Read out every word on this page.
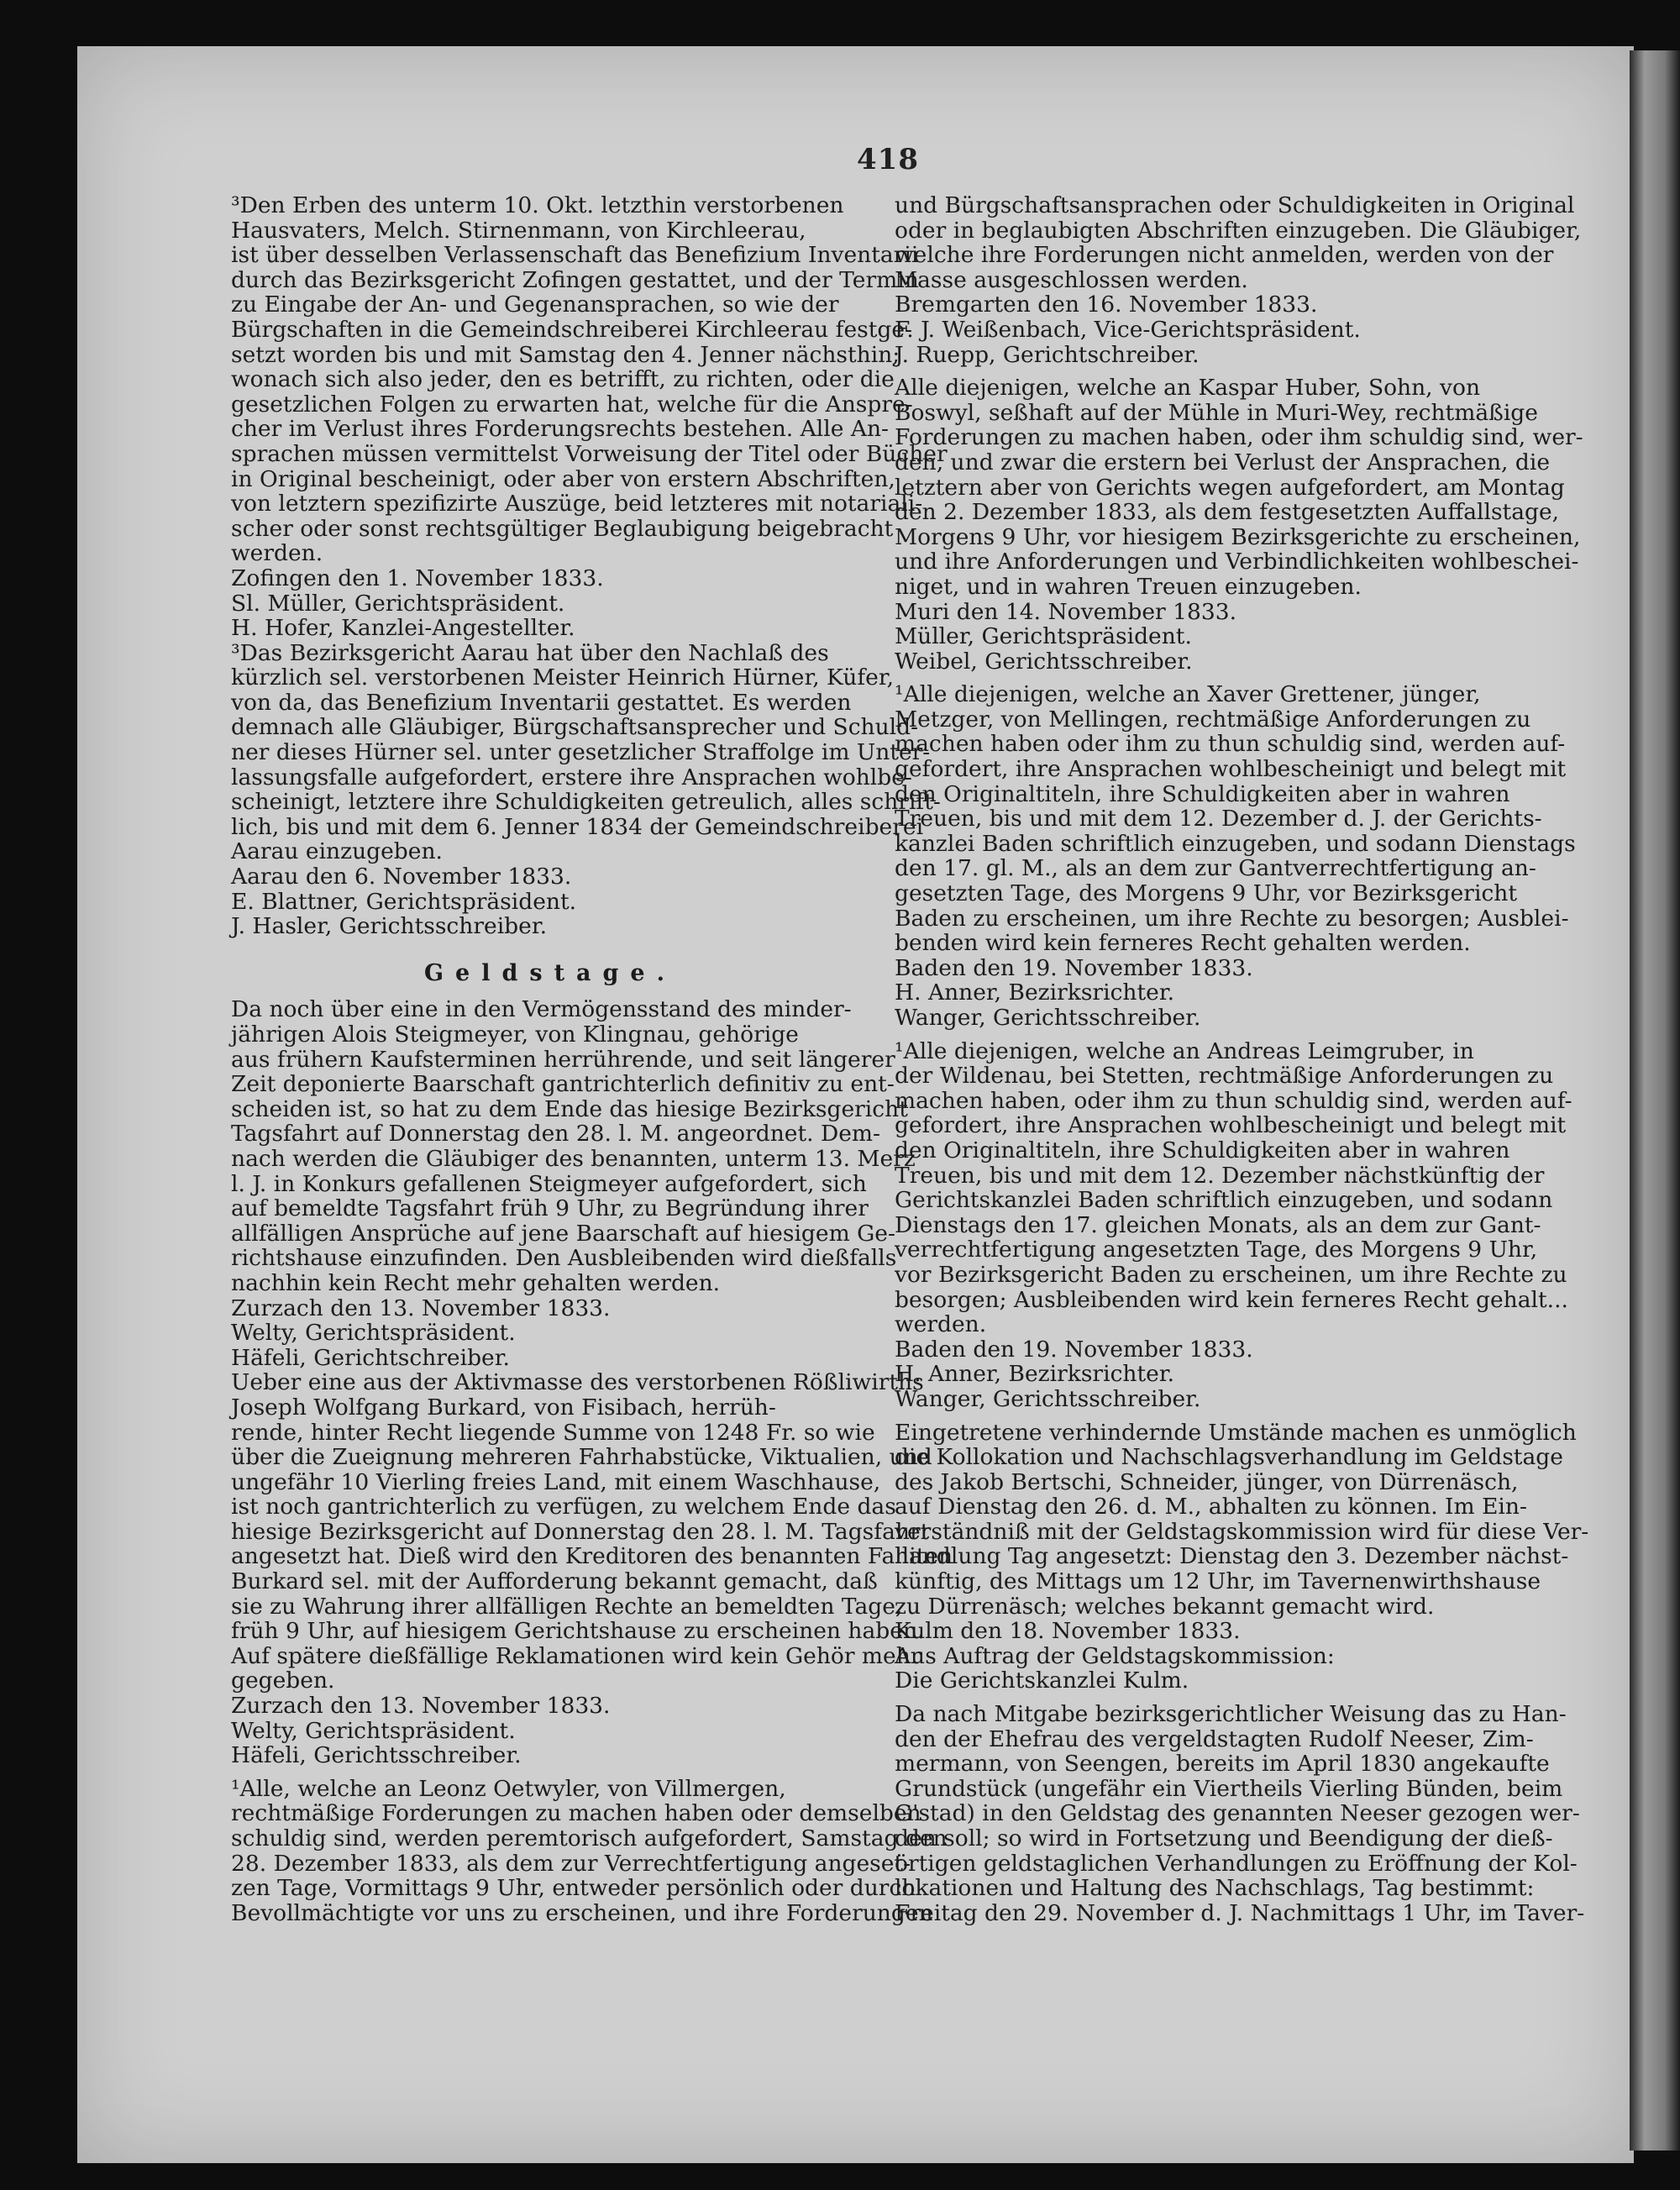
418

³Den Erben des unterm 10. Okt. letzthin verstorbenen
Hausvaters, Melch. Stirnenmann, von Kirchleerau,
ist über desselben Verlassenschaft das Benefizium Inventarii
durch das Bezirksgericht Zofingen gestattet, und der Termin
zu Eingabe der An- und Gegenansprachen, so wie der
Bürgschaften in die Gemeindschreiberei Kirchleerau festge-
setzt worden bis und mit Samstag den 4. Jenner nächsthin;
wonach sich also jeder, den es betrifft, zu richten, oder die
gesetzlichen Folgen zu erwarten hat, welche für die Anspre-
cher im Verlust ihres Forderungsrechts bestehen. Alle An-
sprachen müssen vermittelst Vorweisung der Titel oder Bücher
in Original bescheinigt, oder aber von erstern Abschriften,
von letztern spezifizirte Auszüge, beid letzteres mit notariali-
scher oder sonst rechtsgültiger Beglaubigung beigebracht
werden.

Zofingen den 1. November 1833.

Sl. Müller, Gerichtspräsident.

H. Hofer, Kanzlei-Angestellter.

³Das Bezirksgericht Aarau hat über den Nachlaß des
kürzlich sel. verstorbenen Meister Heinrich Hürner, Küfer,
von da, das Benefizium Inventarii gestattet. Es werden
demnach alle Gläubiger, Bürgschaftsansprecher und Schuld-
ner dieses Hürner sel. unter gesetzlicher Straffolge im Unter-
lassungsfalle aufgefordert, erstere ihre Ansprachen wohlbe-
scheinigt, letztere ihre Schuldigkeiten getreulich, alles schrift-
lich, bis und mit dem 6. Jenner 1834 der Gemeindschreiberei
Aarau einzugeben.

Aarau den 6. November 1833.

E. Blattner, Gerichtspräsident.

J. Hasler, Gerichtsschreiber.

Geldstage.

Da noch über eine in den Vermögensstand des minder-
jährigen Alois Steigmeyer, von Klingnau, gehörige
aus frühern Kaufsterminen herrührende, und seit längerer
Zeit deponierte Baarschaft gantrichterlich definitiv zu ent-
scheiden ist, so hat zu dem Ende das hiesige Bezirksgericht
Tagsfahrt auf Donnerstag den 28. l. M. angeordnet. Dem-
nach werden die Gläubiger des benannten, unterm 13. Merz
l. J. in Konkurs gefallenen Steigmeyer aufgefordert, sich
auf bemeldte Tagsfahrt früh 9 Uhr, zu Begründung ihrer
allfälligen Ansprüche auf jene Baarschaft auf hiesigem Ge-
richtshause einzufinden. Den Ausbleibenden wird dießfalls
nachhin kein Recht mehr gehalten werden.

Zurzach den 13. November 1833.

Welty, Gerichtspräsident.

Häfeli, Gerichtschreiber.

Ueber eine aus der Aktivmasse des verstorbenen Rößliwirths
Joseph Wolfgang Burkard, von Fisibach, herrüh-
rende, hinter Recht liegende Summe von 1248 Fr. so wie
über die Zueignung mehreren Fahrhabstücke, Viktualien, und
ungefähr 10 Vierling freies Land, mit einem Waschhause,
ist noch gantrichterlich zu verfügen, zu welchem Ende das
hiesige Bezirksgericht auf Donnerstag den 28. l. M. Tagsfahrt
angesetzt hat. Dieß wird den Kreditoren des benannten Falliten
Burkard sel. mit der Aufforderung bekannt gemacht, daß
sie zu Wahrung ihrer allfälligen Rechte an bemeldten Tage,
früh 9 Uhr, auf hiesigem Gerichtshause zu erscheinen haben.
Auf spätere dießfällige Reklamationen wird kein Gehör mehr
gegeben.

Zurzach den 13. November 1833.

Welty, Gerichtspräsident.

Häfeli, Gerichtsschreiber.

¹Alle, welche an Leonz Oetwyler, von Villmergen,
rechtmäßige Forderungen zu machen haben oder demselben
schuldig sind, werden peremtorisch aufgefordert, Samstag den
28. Dezember 1833, als dem zur Verrechtfertigung angeset-
zen Tage, Vormittags 9 Uhr, entweder persönlich oder durch
Bevollmächtigte vor uns zu erscheinen, und ihre Forderungen

und Bürgschaftsansprachen oder Schuldigkeiten in Original
oder in beglaubigten Abschriften einzugeben. Die Gläubiger,
welche ihre Forderungen nicht anmelden, werden von der
Masse ausgeschlossen werden.

Bremgarten den 16. November 1833.

F. J. Weißenbach, Vice-Gerichtspräsident.

J. Ruepp, Gerichtschreiber.

Alle diejenigen, welche an Kaspar Huber, Sohn, von
Boswyl, seßhaft auf der Mühle in Muri-Wey, rechtmäßige
Forderungen zu machen haben, oder ihm schuldig sind, wer-
den, und zwar die erstern bei Verlust der Ansprachen, die
letztern aber von Gerichts wegen aufgefordert, am Montag
den 2. Dezember 1833, als dem festgesetzten Auffallstage,
Morgens 9 Uhr, vor hiesigem Bezirksgerichte zu erscheinen,
und ihre Anforderungen und Verbindlichkeiten wohlbeschei-
niget, und in wahren Treuen einzugeben.

Muri den 14. November 1833.

Müller, Gerichtspräsident.

Weibel, Gerichtsschreiber.

¹Alle diejenigen, welche an Xaver Grettener, jünger,
Metzger, von Mellingen, rechtmäßige Anforderungen zu
machen haben oder ihm zu thun schuldig sind, werden auf-
gefordert, ihre Ansprachen wohlbescheinigt und belegt mit
den Originaltiteln, ihre Schuldigkeiten aber in wahren
Treuen, bis und mit dem 12. Dezember d. J. der Gerichts-
kanzlei Baden schriftlich einzugeben, und sodann Dienstags
den 17. gl. M., als an dem zur Gantverrechtfertigung an-
gesetzten Tage, des Morgens 9 Uhr, vor Bezirksgericht
Baden zu erscheinen, um ihre Rechte zu besorgen; Ausblei-
benden wird kein ferneres Recht gehalten werden.

Baden den 19. November 1833.

H. Anner, Bezirksrichter.

Wanger, Gerichtsschreiber.

¹Alle diejenigen, welche an Andreas Leimgruber, in
der Wildenau, bei Stetten, rechtmäßige Anforderungen zu
machen haben, oder ihm zu thun schuldig sind, werden auf-
gefordert, ihre Ansprachen wohlbescheinigt und belegt mit
den Originaltiteln, ihre Schuldigkeiten aber in wahren
Treuen, bis und mit dem 12. Dezember nächstkünftig der
Gerichtskanzlei Baden schriftlich einzugeben, und sodann
Dienstags den 17. gleichen Monats, als an dem zur Gant-
verrechtfertigung angesetzten Tage, des Morgens 9 Uhr,
vor Bezirksgericht Baden zu erscheinen, um ihre Rechte zu
besorgen; Ausbleibenden wird kein ferneres Recht gehalt...
werden.

Baden den 19. November 1833.

H. Anner, Bezirksrichter.

Wanger, Gerichtsschreiber.

Eingetretene verhindernde Umstände machen es unmöglich
die Kollokation und Nachschlagsverhandlung im Geldstage
des Jakob Bertschi, Schneider, jünger, von Dürrenäsch,
auf Dienstag den 26. d. M., abhalten zu können. Im Ein-
verständniß mit der Geldstagskommission wird für diese Ver-
handlung Tag angesetzt: Dienstag den 3. Dezember nächst-
künftig, des Mittags um 12 Uhr, im Tavernenwirthshause
zu Dürrenäsch; welches bekannt gemacht wird.

Kulm den 18. November 1833.

Aus Auftrag der Geldstagskommission:

Die Gerichtskanzlei Kulm.

Da nach Mitgabe bezirksgerichtlicher Weisung das zu Han-
den der Ehefrau des vergeldstagten Rudolf Neeser, Zim-
mermann, von Seengen, bereits im April 1830 angekaufte
Grundstück (ungefähr ein Viertheils Vierling Bünden, beim
G'stad) in den Geldstag des genannten Neeser gezogen wer-
den soll; so wird in Fortsetzung und Beendigung der dieß-
örtigen geldstaglichen Verhandlungen zu Eröffnung der Kol-
lokationen und Haltung des Nachschlags, Tag bestimmt:
Freitag den 29. November d. J. Nachmittags 1 Uhr, im Taver-
